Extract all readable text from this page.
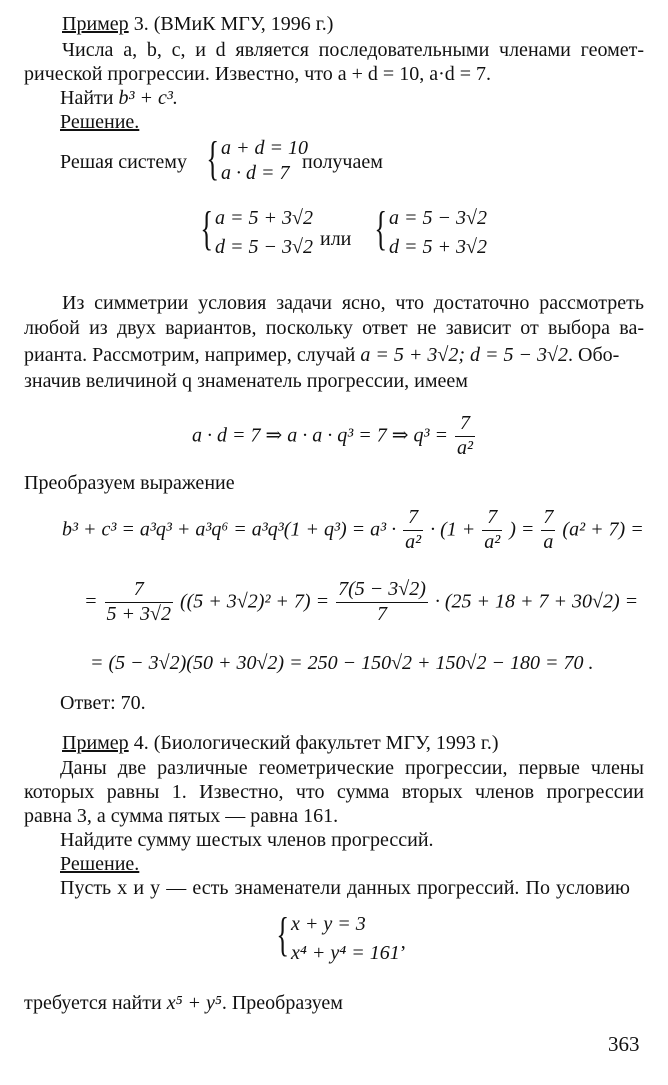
Пример 3. (ВМиК МГУ, 1996 г.)
Числа a, b, c, и d является последовательными членами геомет-
рической прогрессии. Известно, что a + d = 10, a·d = 7.
Найти b³ + c³.
Решение.
Решая систему { a + d = 10
a · d = 7 получаем
{ a = 5 + 3√2
d = 5 − 3√2 или { a = 5 − 3√2
d = 5 + 3√2
Из симметрии условия задачи ясно, что достаточно рассмотреть
любой из двух вариантов, поскольку ответ не зависит от выбора ва-
рианта. Рассмотрим, например, случай a = 5 + 3√2; d = 5 − 3√2. Обо-
значив величиной q знаменатель прогрессии, имеем
a · d = 7 ⇒ a · a · q³ = 7 ⇒ $q^3 = \frac{7}{\text{a²}}$
Преобразуем выражение
$b^3 + c^3 = a^3q^3 + a^3q^6 = a^3q^3(1 + q^3) = a^3 \cdot \frac{7}{\text{a²}} \cdot (1 + \frac{7}{\text{a²}}$ ) = $\frac{7}{a} (a^2 + 7)$ =
= $\frac{7}{5 + 3√2} ((5 + 3√2)^2 + 7) = \frac{7(5 - 3√2)}{7} \cdot (25 + 18 + 7 + 30√2)$ =
= (5 − 3√2)(50 + 30√2) = 250 − 150√2 + 150√2 − 180 = 70 .
Ответ: 70.
Пример 4. (Биологический факультет МГУ, 1993 г.)
Даны две различные геометрические прогрессии, первые члены
которых равны 1. Известно, что сумма вторых членов прогрессии
равна 3, а сумма пятых — равна 161.
Найдите сумму шестых членов прогрессий.
Решение.
Пусть x и y — есть знаменатели данных прогрессий. По условию
{ x + y = 3
x⁴ + y⁴ = 161’
требуется найти x⁵ + y⁵. Преобразуем
363
